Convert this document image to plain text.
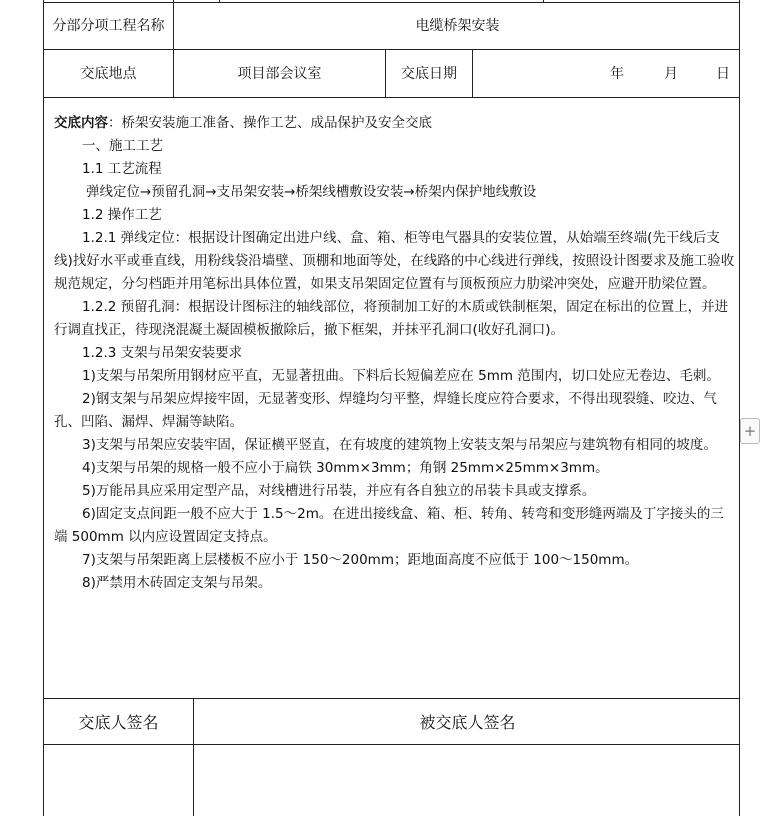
分部分项工程名称	电缆桥架安装
交底地点	项目部会议室	交底日期	年	月	日

交底内容：桥架安装施工准备、操作工艺、成品保护及安全交底

一、施工工艺

1.1 工艺流程

弹线定位→预留孔洞→支吊架安装→桥架线槽敷设安装→桥架内保护地线敷设

1.2 操作工艺

1.2.1 弹线定位：根据设计图确定出进户线、盒、箱、柜等电气器具的安装位置，从始端至终端(先干线后支线)找好水平或垂直线，用粉线袋沿墙壁、顶棚和地面等处，在线路的中心线进行弹线，按照设计图要求及施工验收规范规定，分匀档距并用笔标出具体位置，如果支吊架固定位置有与顶板预应力肋梁冲突处，应避开肋梁位置。

1.2.2 预留孔洞：根据设计图标注的轴线部位，将预制加工好的木质或铁制框架，固定在标出的位置上，并进行调直找正，待现浇混凝土凝固模板撤除后，撤下框架，并抹平孔洞口(收好孔洞口)。

1.2.3 支架与吊架安装要求

1)支架与吊架所用钢材应平直，无显著扭曲。下料后长短偏差应在 5mm 范围内，切口处应无卷边、毛刺。

2)钢支架与吊架应焊接牢固，无显著变形、焊缝均匀平整，焊缝长度应符合要求，不得出现裂缝、咬边、气孔、凹陷、漏焊、焊漏等缺陷。

3)支架与吊架应安装牢固，保证横平竖直，在有坡度的建筑物上安装支架与吊架应与建筑物有相同的坡度。

4)支架与吊架的规格一般不应小于扁铁 30mm×3mm；角钢 25mm×25mm×3mm。

5)万能吊具应采用定型产品，对线槽进行吊装，并应有各自独立的吊装卡具或支撑系。

6)固定支点间距一般不应大于 1.5～2m。在进出接线盒、箱、柜、转角、转弯和变形缝两端及丁字接头的三端 500mm 以内应设置固定支持点。

7)支架与吊架距离上层楼板不应小于 150～200mm；距地面高度不应低于 100～150mm。

8)严禁用木砖固定支架与吊架。

交底人签名	被交底人签名
+
